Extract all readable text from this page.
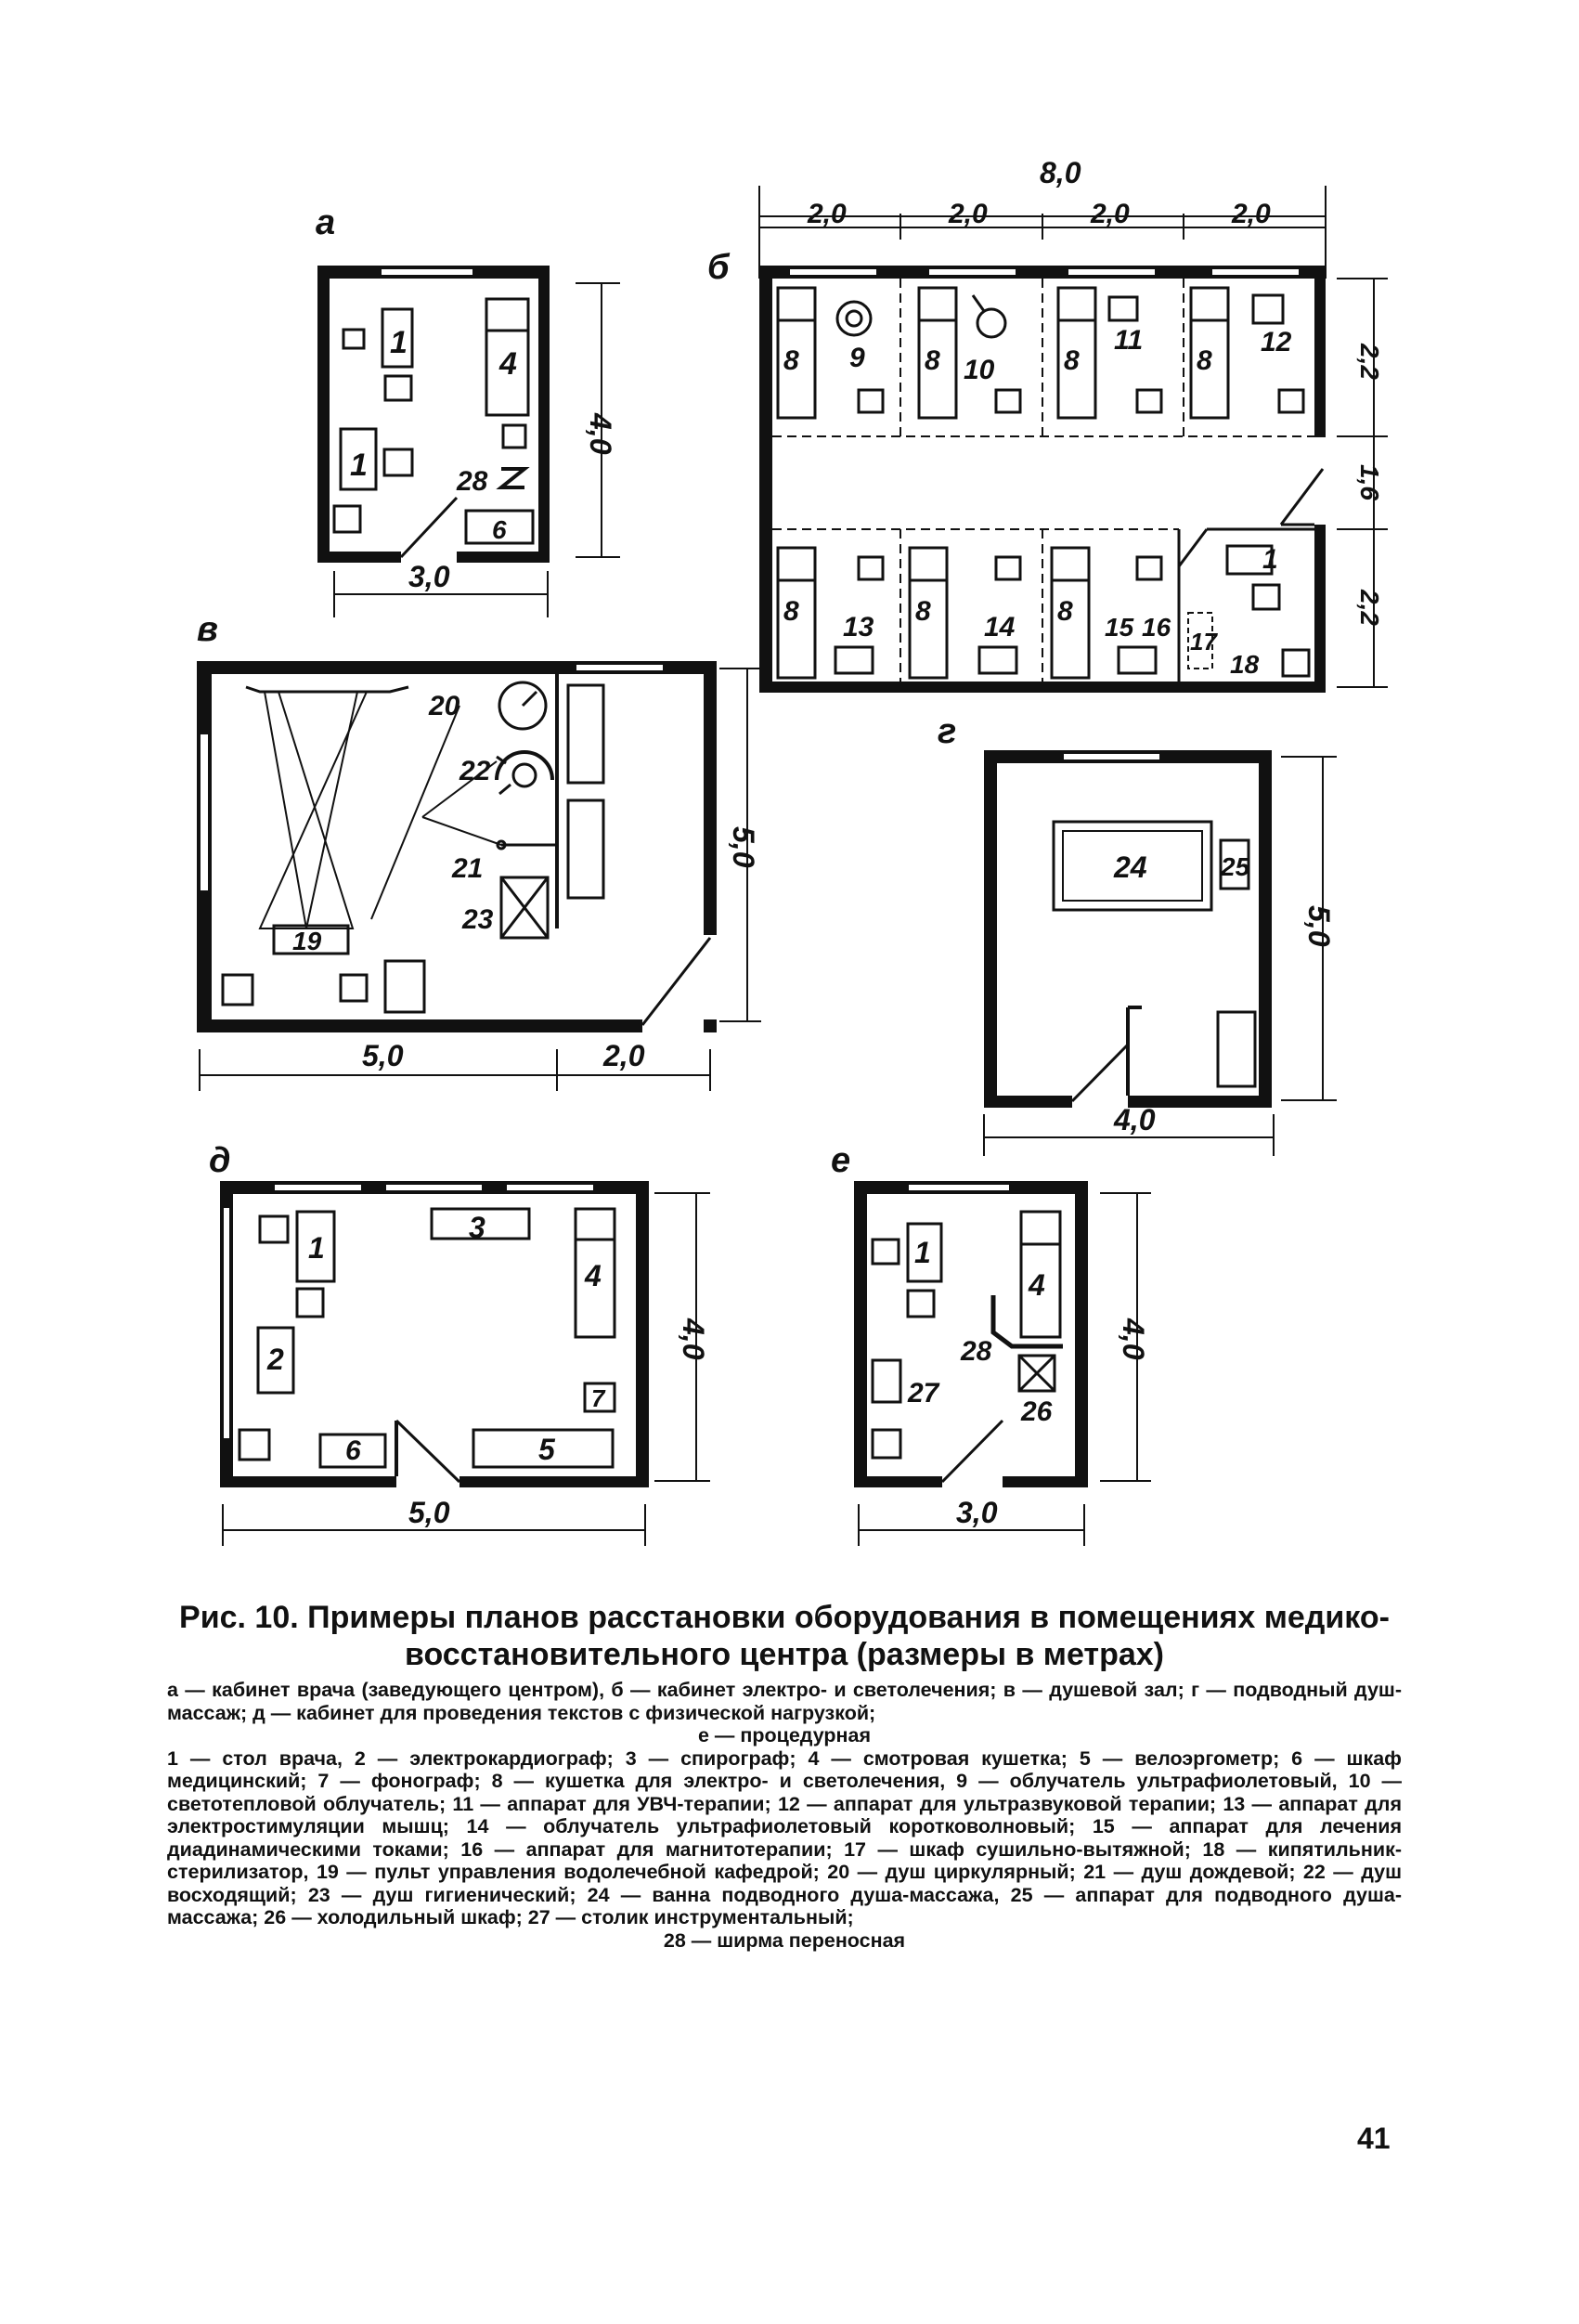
а
1
1
4
28
6
3,0
4,0
б
8,0
2,0	2,0	2,0	2,0
8 9 8 10 8
11
8
12
8
13
8
14
8
15 16 17
18
1
2,2
1,6
2,2
в
20
22
21
23
19
5,0	2,0
5,0
г
24	25
4,0
5,0
д
3
1
4
2
7
6	5
5,0
4,0
е
1
4
28
27
26
3,0
4,0
Рис. 10. Примеры планов расстановки оборудования в помещениях медико-восстановительного центра (размеры в метрах)
а — кабинет врача (заведующего центром), б — кабинет электро- и светолечения; в — душевой зал; г — подводный душ-массаж; д — кабинет для проведения текстов с физической нагрузкой;
е — процедурная
1 — стол врача, 2 — электрокардиограф; 3 — спирограф; 4 — смотровая кушетка; 5 — велоэргометр; 6 — шкаф медицинский; 7 — фонограф; 8 — кушетка для электро- и светолечения, 9 — облучатель ультрафиолетовый, 10 — светотепловой облучатель; 11 — аппарат для УВЧ-терапии; 12 — аппарат для ультразвуковой терапии; 13 — аппарат для электростимуляции мышц; 14 — облучатель ультрафиолетовый коротковолновый; 15 — аппарат для лечения диадинамическими токами; 16 — аппарат для магнитотерапии; 17 — шкаф сушильно-вытяжной; 18 — кипятильник-стерилизатор, 19 — пульт управления водолечебной кафедрой; 20 — душ циркулярный; 21 — душ дождевой; 22 — душ восходящий; 23 — душ гигиенический; 24 — ванна подводного душа-массажа, 25 — аппарат для подводного душа-массажа; 26 — холодильный шкаф; 27 — столик инструментальный;
28 — ширма переносная
41
